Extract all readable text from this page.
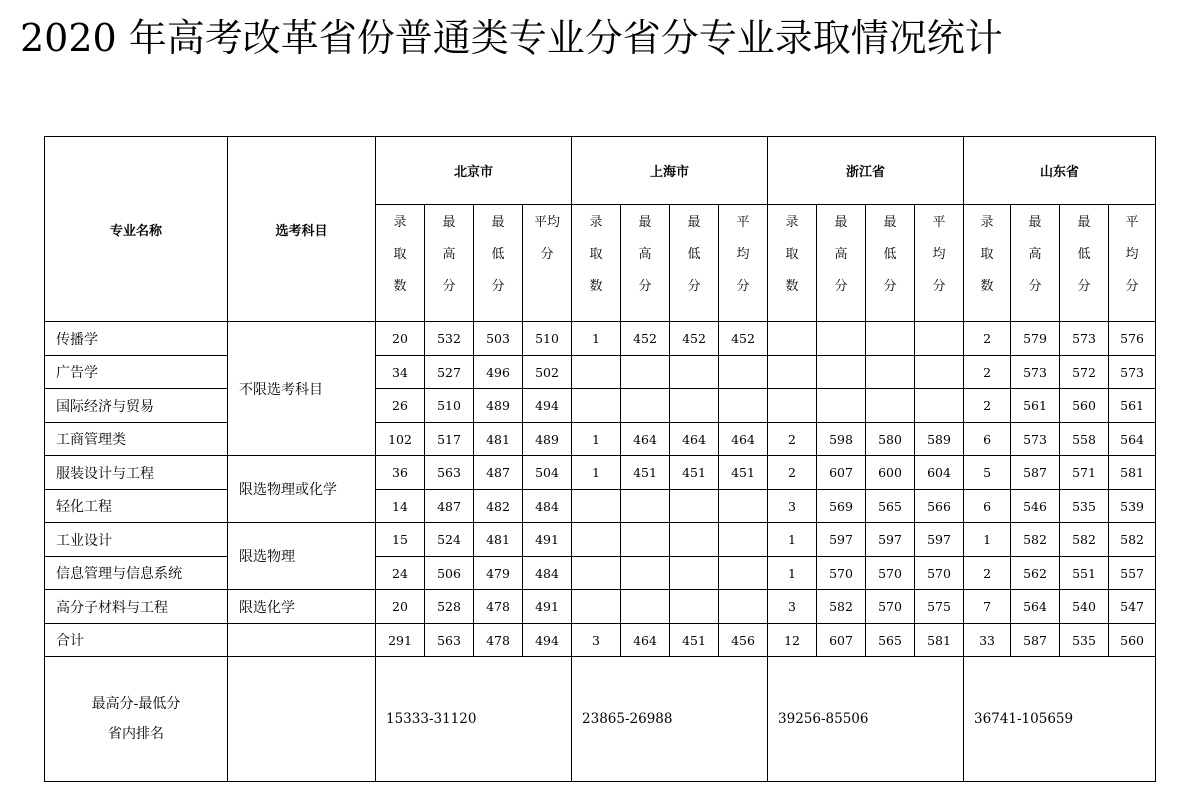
2020 年高考改革省份普通类专业分省分专业录取情况统计
专业名称	选考科目	北京市				上海市				浙江省				山东省			

		录
取
数	最
高
分	最
低
分	平均
分	录
取
数	最
高
分	最
低
分	平
均
分	录
取
数	最
高
分	最
低
分	平
均
分	录
取
数	最
高
分	最
低
分	平
均
分

传播学	不限选考科目	20	532	503	510	1	452	452	452					2	579	573	576
广告学		34	527	496	502									2	573	572	573
国际经济与贸易		26	510	489	494									2	561	560	561
工商管理类		102	517	481	489	1	464	464	464	2	598	580	589	6	573	558	564
服装设计与工程	限选物理或化学	36	563	487	504	1	451	451	451	2	607	600	604	5	587	571	581
轻化工程		14	487	482	484					3	569	565	566	6	546	535	539
工业设计	限选物理	15	524	481	491					1	597	597	597	1	582	582	582
信息管理与信息系统		24	506	479	484					1	570	570	570	2	562	551	557
高分子材料与工程	限选化学	20	528	478	491					3	582	570	575	7	564	540	547
合计		291	563	478	494	3	464	451	456	12	607	565	581	33	587	535	560

最高分-最低分
省内排名		15333-31120				23865-26988				39256-85506				36741-105659			
